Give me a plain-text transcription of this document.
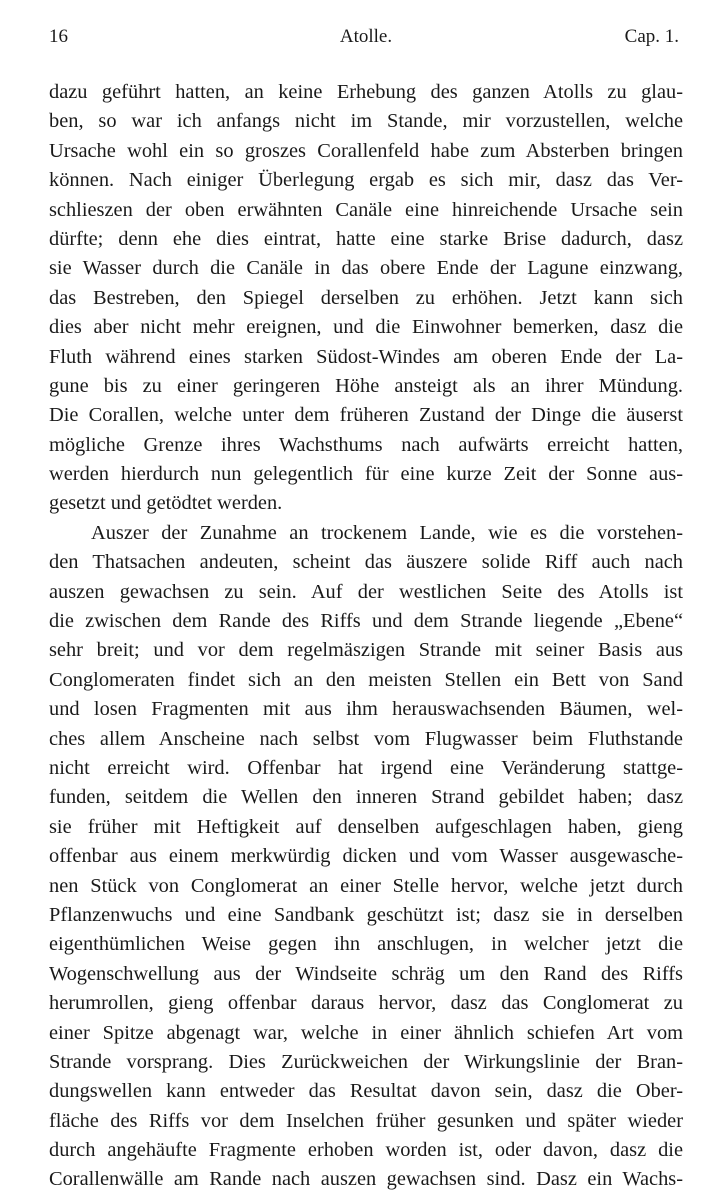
16	Atolle.	Cap. 1.
dazu geführt hatten, an keine Erhebung des ganzen Atolls zu glau-
ben, so war ich anfangs nicht im Stande, mir vorzustellen, welche
Ursache wohl ein so groszes Corallenfeld habe zum Absterben bringen
können. Nach einiger Überlegung ergab es sich mir, dasz das Ver-
schlieszen der oben erwähnten Canäle eine hinreichende Ursache sein
dürfte; denn ehe dies eintrat, hatte eine starke Brise dadurch, dasz
sie Wasser durch die Canäle in das obere Ende der Lagune einzwang,
das Bestreben, den Spiegel derselben zu erhöhen. Jetzt kann sich
dies aber nicht mehr ereignen, und die Einwohner bemerken, dasz die
Fluth während eines starken Südost-Windes am oberen Ende der La-
gune bis zu einer geringeren Höhe ansteigt als an ihrer Mündung.
Die Corallen, welche unter dem früheren Zustand der Dinge die äuserst
mögliche Grenze ihres Wachsthums nach aufwärts erreicht hatten,
werden hierdurch nun gelegentlich für eine kurze Zeit der Sonne aus-
gesetzt und getödtet werden.
Auszer der Zunahme an trockenem Lande, wie es die vorstehen-
den Thatsachen andeuten, scheint das äuszere solide Riff auch nach
auszen gewachsen zu sein. Auf der westlichen Seite des Atolls ist
die zwischen dem Rande des Riffs und dem Strande liegende „Ebene“
sehr breit; und vor dem regelmäszigen Strande mit seiner Basis aus
Conglomeraten findet sich an den meisten Stellen ein Bett von Sand
und losen Fragmenten mit aus ihm herauswachsenden Bäumen, wel-
ches allem Anscheine nach selbst vom Flugwasser beim Fluthstande
nicht erreicht wird. Offenbar hat irgend eine Veränderung stattge-
funden, seitdem die Wellen den inneren Strand gebildet haben; dasz
sie früher mit Heftigkeit auf denselben aufgeschlagen haben, gieng
offenbar aus einem merkwürdig dicken und vom Wasser ausgewasche-
nen Stück von Conglomerat an einer Stelle hervor, welche jetzt durch
Pflanzenwuchs und eine Sandbank geschützt ist; dasz sie in derselben
eigenthümlichen Weise gegen ihn anschlugen, in welcher jetzt die
Wogenschwellung aus der Windseite schräg um den Rand des Riffs
herumrollen, gieng offenbar daraus hervor, dasz das Conglomerat zu
einer Spitze abgenagt war, welche in einer ähnlich schiefen Art vom
Strande vorsprang. Dies Zurückweichen der Wirkungslinie der Bran-
dungswellen kann entweder das Resultat davon sein, dasz die Ober-
fläche des Riffs vor dem Inselchen früher gesunken und später wieder
durch angehäufte Fragmente erhoben worden ist, oder davon, dasz die
Corallenwälle am Rande nach auszen gewachsen sind. Dasz ein Wachs-
